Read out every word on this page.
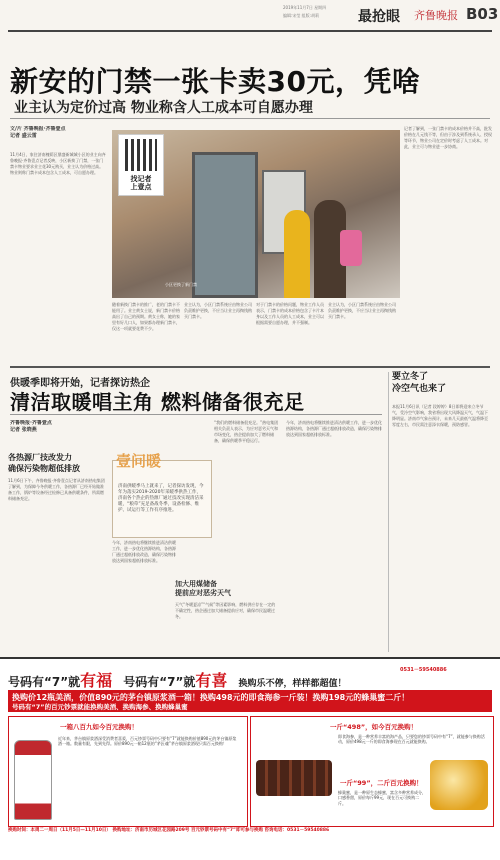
2019年11月7日 星期四
编辑:宋莹 组版:胡莉	最抢眼 齐鲁晚报 B03
新安的门禁一张卡卖30元，凭啥
业主认为定价过高 物业称含人工成本可自愿办理
文/片 齐鲁晚报·齐鲁壹点
记者 盛云雷
11月4日，家住济南槐荫区鼎盛新城城小区的业主向齐鲁晚报·齐鲁壹点记者反映，小区新换了门禁，一张门禁卡物业要求业主花30元购买，业主认为价格过高。物业则称门禁卡成本包含人工成本，可自愿办理。
找记者
上壹点
小区更换了新门禁
随着新换门禁卡的推广，老的门禁卡不能用了。业主黄女士说，新门禁卡价格高出了自己的预期。黄女士称，她的家里有好几口人，如果都办理新门禁卡，仅这一项就要花费不少。
业主认为，小区门禁系统应由物业公司负责维护更换，不应当让业主再掏钱购买门禁卡。
对于门禁卡的价格问题，物业工作人员表示，门禁卡的成本价格包含了卡片本身以及工作人员的人工成本，业主可以根据需要自愿办理，并不强制。
业主认为，小区门禁系统应由物业公司负责维护更换，不应当让业主再掏钱购买门禁卡。
记者了解到，一张门禁卡的成本价格并不高，批发价格在几元钱不等，但由于涉及到系统录入、授权等环节，物业公司在定价时考虑了人工成本。对此，业主可与物业进一步协商。
供暖季即将开始，记者探访热企
清洁取暖唱主角 燃料储备很充足
齐鲁晚报·齐鲁壹点
记者 张晓燕
各热源厂技改发力
确保污染物超低排放
11月6日下午，齐鲁晚报·齐鲁壹点记者从济南热电集团了解到，为保障今冬供暖工作，各热源厂已经开始做准备工作，锅炉等设备经过检修已具备供暖条件，所需燃料储备充足。
壹问暖
济南供暖季马上就来了，记者探访发现，今年为落实2019-2020年采暖季供热工作，济南各个热企的热源厂通过技改实现清洁采暖，“粮草”充足备战冬季，设备检修、维护、试运行等工作有序推进。
今年，济南热电将继续推进清洁供暖工作，进一步优化热源结构，各热源厂通过超低排放改造，确保污染物排放达到国家超低排放标准。
“我们的燃料储备很充足。”热电集团相关负责人表示，为应对恶劣天气和市场变化，热企提前加大了燃料储备，确保供暖季平稳运行。
加大用煤储备
提前应对恶劣天气
天气“冬暖夏凉”“气候”等因素影响，燃料供应存在一定的不确定性，热企通过加大储备提前应对，确保市民温暖过冬。
今年，济南热电将继续推进清洁供暖工作，进一步优化热源结构，各热源厂通过超低排放改造，确保污染物排放达到国家超低排放标准。
要立冬了
冷空气也来了
本报11月6日讯（记者 段婷婷）8日即将迎来立冬节气，受冷空气影响，我省将出现大风降温天气，气温下降明显。济南市气象台预计，未来几天最低气温将降至零度左右，市民需注意添衣保暖，预防感冒。
号码有“7”就有福 号码有“7”就有喜 换购乐不停，样样都超值！
0531－59540886
换购价12瓶美酒，价值890元的茅台镇原浆酒一箱！换购498元的即食海参一斤装！换购198元的蜂巢蜜二斤！
号码有“7”的百元钞票就能换购美酒、换购海参、换购蜂巢蜜
一箱八百九如今百元换购！
近年来，茅台镇原浆酒深受消费者喜爱，百元钞票号码中只要有“7”就能换购价值890元的茅台镇原浆酒一箱。数量有限，先到先得。原价890元一箱12瓶的“茅匠魂”茅台镇原浆酒现只需百元换购！
一斤“498”，如今百元换购！
即食海参，是一种营养丰富的海产品，只要您的钞票号码中有“7”，就能参与换购活动，原价498元一斤的即食海参现在百元就能换购。
一斤“99”，二斤百元换购！
蜂巢蜜，是一种原生态蜂蜜，富含多种营养成分，口感香甜，原价每斤99元，现在百元可换购二斤。
换购时间：本周二一周日（11月5日—11月10日） 换购地址：济南市历城区花园路209号 百元钞票号码中有“7”即可参与换购 咨询电话：0531－59540886
